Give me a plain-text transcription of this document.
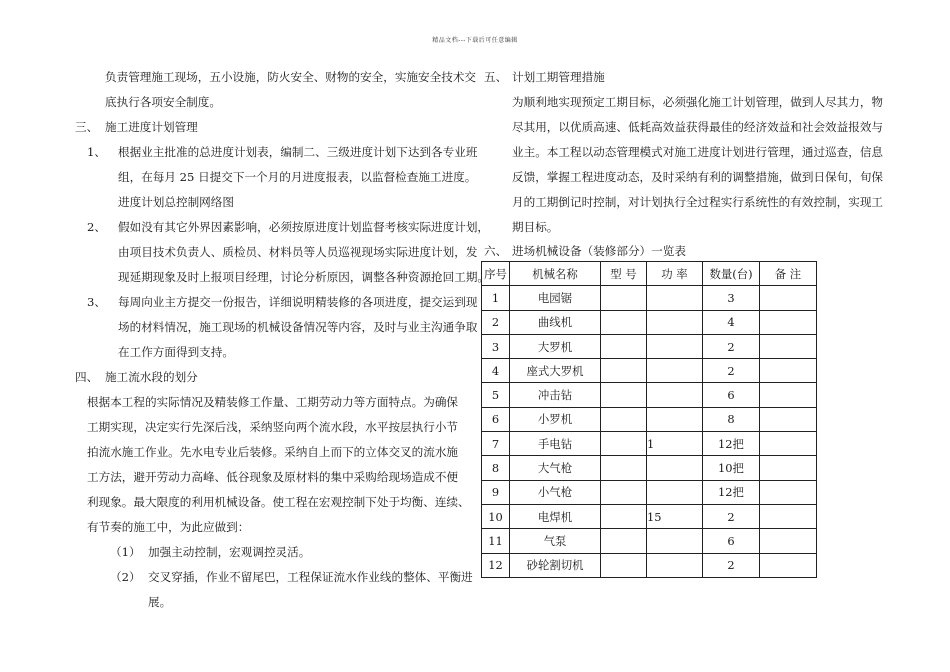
精品文档---下载后可任意编辑
负责管理施工现场，五小设施，防火安全、财物的安全，实施安全技术交
底执行各项安全制度。
三、 施工进度计划管理
1、 根据业主批准的总进度计划表，编制二、三级进度计划下达到各专业班
组，在每月 25 日提交下一个月的月进度报表，以监督检查施工进度。
进度计划总控制网络图
2、 假如没有其它外界因素影响，必须按原进度计划监督考核实际进度计划，
由项目技术负责人、质检员、材料员等人员巡视现场实际进度计划，发
现延期现象及时上报项目经理，讨论分析原因，调整各种资源抢回工期。
3、 每周向业主方提交一份报告，详细说明精装修的各项进度，提交运到现
场的材料情况，施工现场的机械设备情况等内容，及时与业主沟通争取
在工作方面得到支持。
四、 施工流水段的划分
根据本工程的实际情况及精装修工作量、工期劳动力等方面特点。为确保
工期实现，决定实行先深后浅，采纳竖向两个流水段，水平按层执行小节
拍流水施工作业。先水电专业后装修。采纳自上而下的立体交叉的流水施
工方法，避开劳动力高峰、低谷现象及原材料的集中采购给现场造成不便
利现象。最大限度的利用机械设备。使工程在宏观控制下处于均衡、连续、
有节奏的施工中，为此应做到：
（1） 加强主动控制，宏观调控灵活。
（2） 交叉穿插，作业不留尾巴，工程保证流水作业线的整体、平衡进
展。
五、 计划工期管理措施
为顺利地实现预定工期目标，必须强化施工计划管理，做到人尽其力，物
尽其用，以优质高速、低耗高效益获得最佳的经济效益和社会效益报效与
业主。本工程以动态管理模式对施工进度计划进行管理，通过巡查，信息
反馈，掌握工程进度动态，及时采纳有利的调整措施，做到日保旬，旬保
月的工期倒记时控制，对计划执行全过程实行系统性的有效控制，实现工
期目标。
六、 进场机械设备（装修部分）一览表
序号	机械名称	型 号	功 率	数量(台)	备 注
1	电园锯			3	
2	曲线机			4	
3	大罗机			2	
4	座式大罗机			2	
5	冲击钻			6	
6	小罗机			8	
7	手电钻		1	12把	
8	大气枪			10把	
9	小气枪			12把	
10	电焊机		15	2	
11	气泵			6	
12	砂轮割切机			2	
